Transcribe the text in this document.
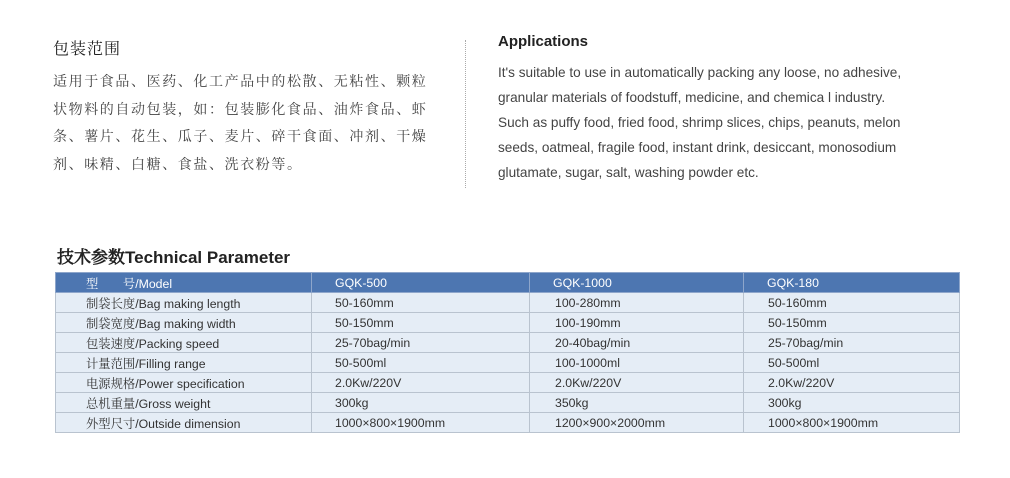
包装范围

适用于食品、医药、化工产品中的松散、无粘性、颗粒
状物料的自动包装，如：包装膨化食品、油炸食品、虾
条、薯片、花生、瓜子、麦片、碎干食面、冲剂、干燥
剂、味精、白糖、食盐、洗衣粉等。

Applications

It's suitable to use in automatically packing any loose, no adhesive,
granular materials of foodstuff, medicine, and chemica l industry.
Such as puffy food, fried food, shrimp slices, chips, peanuts, melon
seeds, oatmeal, fragile food, instant drink, desiccant, monosodium
glutamate, sugar, salt, washing powder etc.

技术参数Technical Parameter
型　　号/Model	GQK-500	GQK-1000	GQK-180
制袋长度/Bag making length	50-160mm	100-280mm	50-160mm
制袋宽度/Bag making width	50-150mm	100-190mm	50-150mm
包装速度/Packing speed	25-70bag/min	20-40bag/min	25-70bag/min
计量范围/Filling range	50-500ml	100-1000ml	50-500ml
电源规格/Power specification	2.0Kw/220V	2.0Kw/220V	2.0Kw/220V
总机重量/Gross weight	300kg	350kg	300kg
外型尺寸/Outside dimension	1000×800×1900mm	1200×900×2000mm	1000×800×1900mm
